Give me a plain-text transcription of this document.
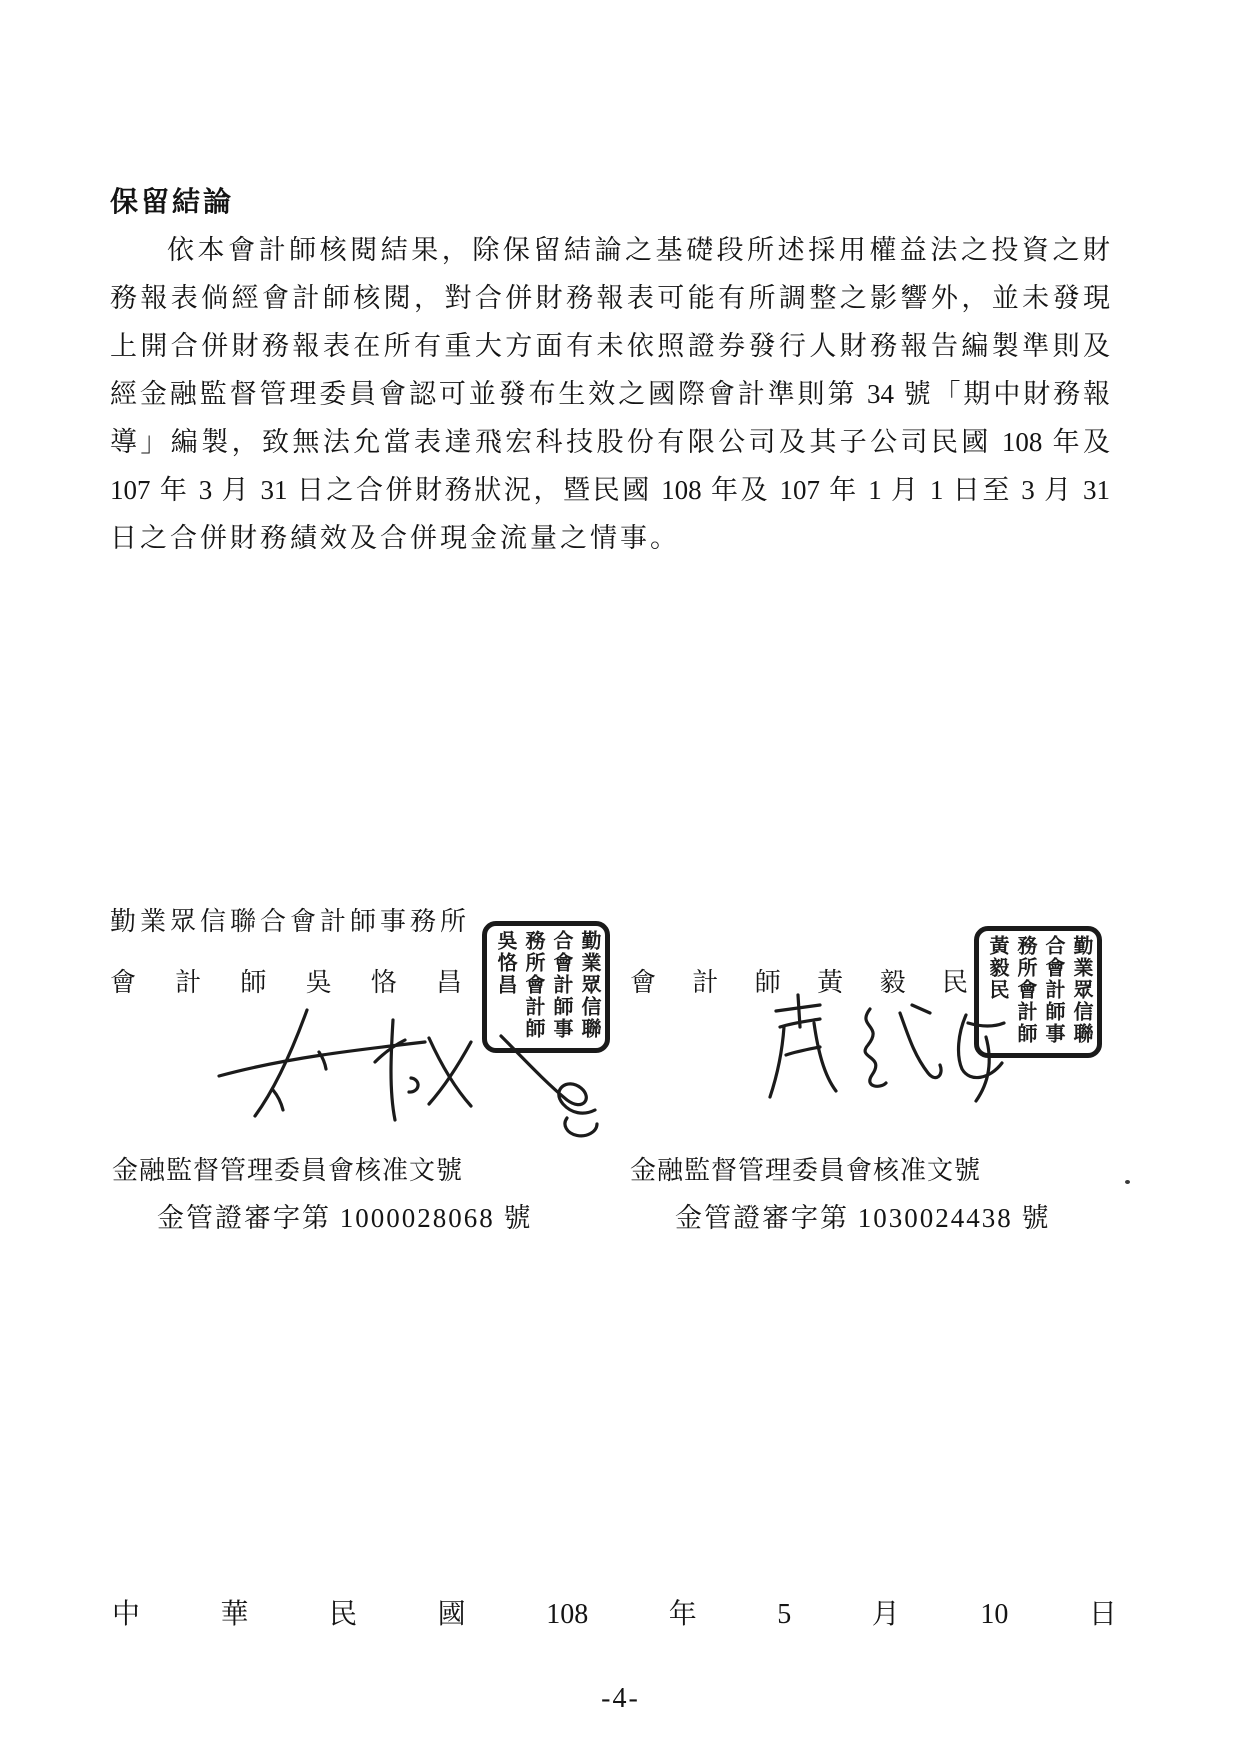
保留結論
依本會計師核閱結果，除保留結論之基礎段所述採用權益法之投資之財
務報表倘經會計師核閱，對合併財務報表可能有所調整之影響外，並未發現
上開合併財務報表在所有重大方面有未依照證券發行人財務報告編製準則及
經金融監督管理委員會認可並發布生效之國際會計準則第 34 號「期中財務報
導」編製，致無法允當表達飛宏科技股份有限公司及其子公司民國 108 年及
107 年 3 月 31 日之合併財務狀況，暨民國 108 年及 107 年 1 月 1 日至 3 月 31
日之合併財務績效及合併現金流量之情事。
勤業眾信聯合會計師事務所
會 計 師 吳 恪 昌	會 計 師 黃 毅 民
勤業眾信聯合會計師事務所會計師吳恪昌	勤業眾信聯合會計師事務所會計師黃毅民
金融監督管理委員會核准文號
金管證審字第 1000028068 號
金融監督管理委員會核准文號
金管證審字第 1030024438 號
中	華	民	國	108	年	5	月	10	日
-4-
